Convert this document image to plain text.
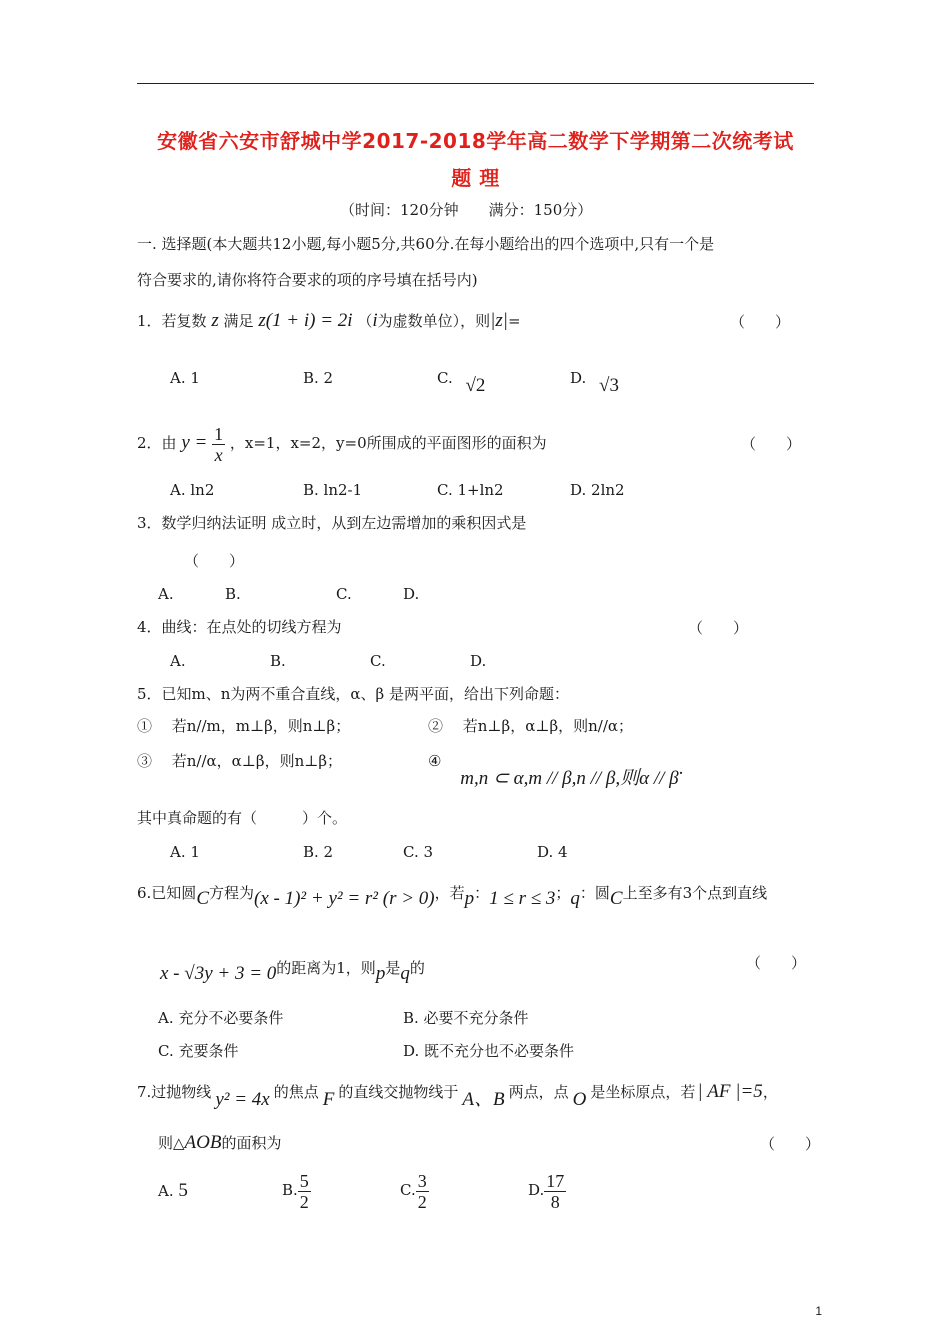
安徽省六安市舒城中学2017-2018学年高二数学下学期第二次统考试
题 理
（时间：120分钟　　满分：150分）
一. 选择题(本大题共12小题,每小题5分,共60分.在每小题给出的四个选项中,只有一个是
符合要求的,请你将符合要求的项的序号填在括号内)
1．若复数 z 满足 z(1 + i) = 2i （i为虚数单位），则|z|=	（　　）
A. 1	B. 2	C. √2	D. √3
2．由 $y = \frac{1}{x}$ ，x=1，x=2，y=0所围成的平面图形的面积为	（　　）
A. ln2	B. ln2-1	C. 1+ln2	D. 2ln2
3．数学归纳法证明 成立时，从到左边需增加的乘积因式是
（　　）
A.	B.	C.	D.
4．曲线：在点处的切线方程为	（　　）
A.	B.	C.	D.
5．已知m、n为两不重合直线，α、β 是两平面，给出下列命题：
①　 若n//m，m⊥β，则n⊥β；	②　 若n⊥β，α⊥β，则n//α；
③　 若n//α，α⊥β，则n⊥β；	④ m,n ⊂ α,m // β,n // β,则α // β.
其中真命题的有（　　　）个。
A. 1	B. 2	C. 3	D. 4
6.已知圆C方程为(x - 1)² + y² = r² (r > 0)，若p：1 ≤ r ≤ 3；q：圆C上至多有3个点到直线
x - √3y + 3 = 0的距离为1，则p是q的	（　　）
A. 充分不必要条件	B. 必要不充分条件
C. 充要条件	D. 既不充分也不必要条件
7.过抛物线 y² = 4x 的焦点 F 的直线交抛物线于 A、B 两点，点 O 是坐标原点，若 | AF |=5，
则△AOB的面积为	（　　）
A. 5	B. $\frac{5}{2}$	C. $\frac{3}{2}$	D. $\frac{17}{8}$
1
